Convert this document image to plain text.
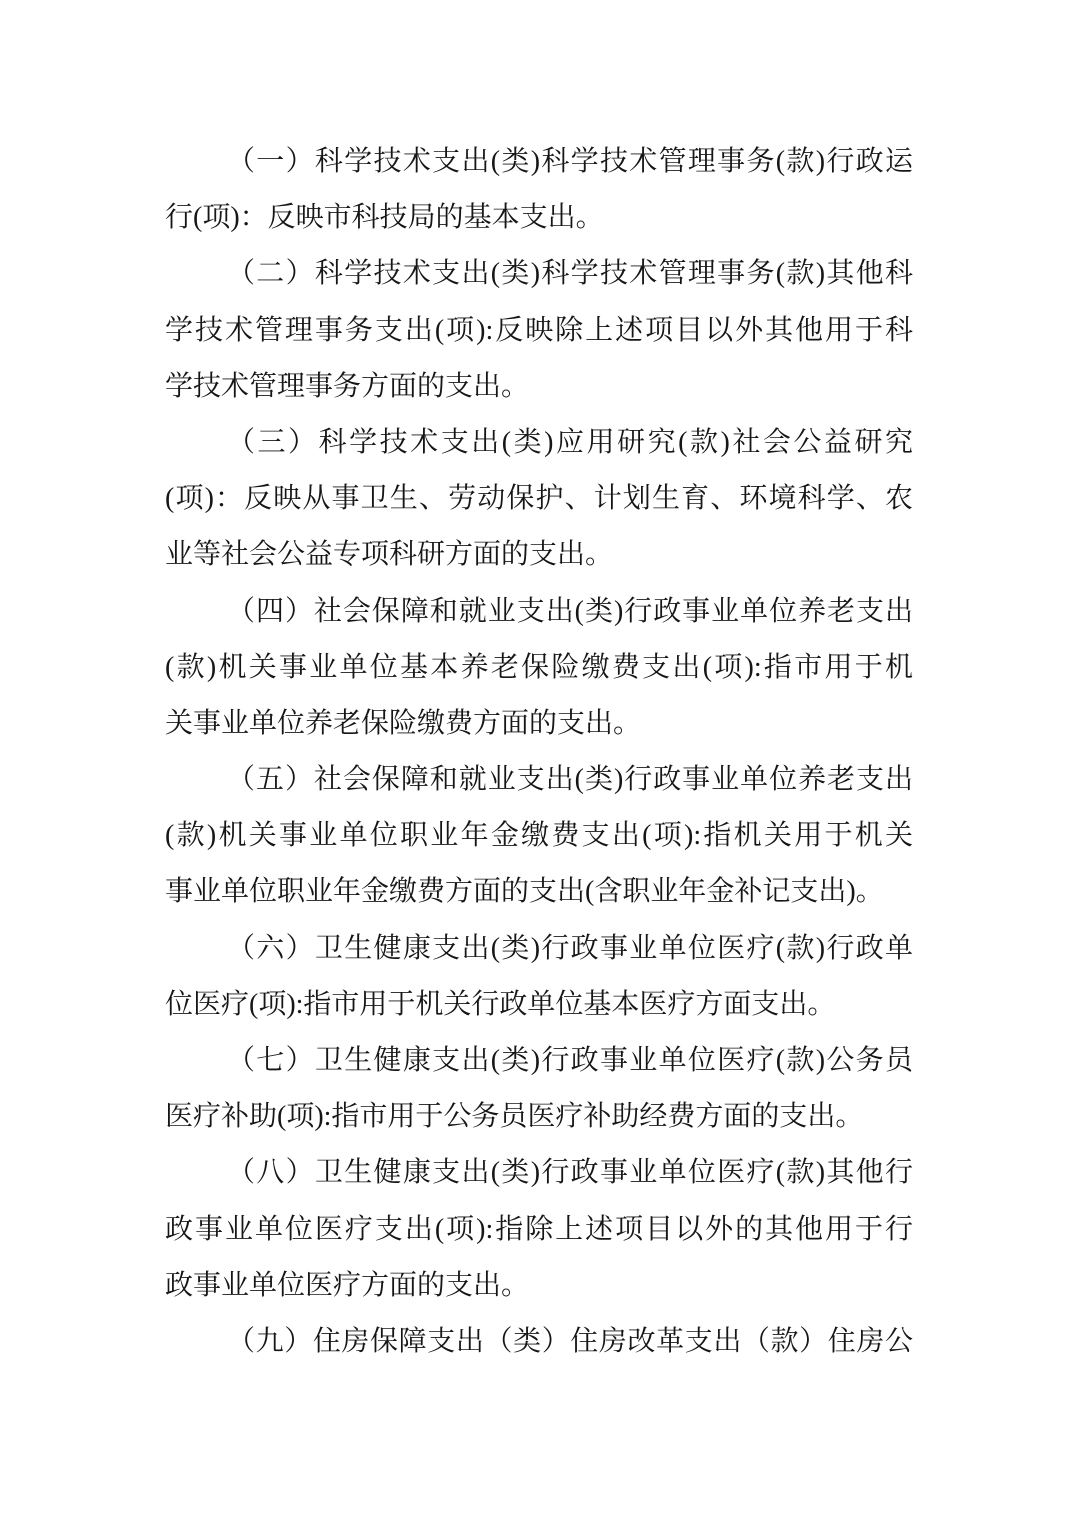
（一）科学技术支出(类)科学技术管理事务(款)行政运
行(项)：反映市科技局的基本支出。

（二）科学技术支出(类)科学技术管理事务(款)其他科
学技术管理事务支出(项):反映除上述项目以外其他用于科
学技术管理事务方面的支出。

（三）科学技术支出(类)应用研究(款)社会公益研究
(项)：反映从事卫生、劳动保护、计划生育、环境科学、农
业等社会公益专项科研方面的支出。

（四）社会保障和就业支出(类)行政事业单位养老支出
(款)机关事业单位基本养老保险缴费支出(项):指市用于机
关事业单位养老保险缴费方面的支出。

（五）社会保障和就业支出(类)行政事业单位养老支出
(款)机关事业单位职业年金缴费支出(项):指机关用于机关
事业单位职业年金缴费方面的支出(含职业年金补记支出)。

（六）卫生健康支出(类)行政事业单位医疗(款)行政单
位医疗(项):指市用于机关行政单位基本医疗方面支出。

（七）卫生健康支出(类)行政事业单位医疗(款)公务员
医疗补助(项):指市用于公务员医疗补助经费方面的支出。

（八）卫生健康支出(类)行政事业单位医疗(款)其他行
政事业单位医疗支出(项):指除上述项目以外的其他用于行
政事业单位医疗方面的支出。

（九）住房保障支出（类）住房改革支出（款）住房公
